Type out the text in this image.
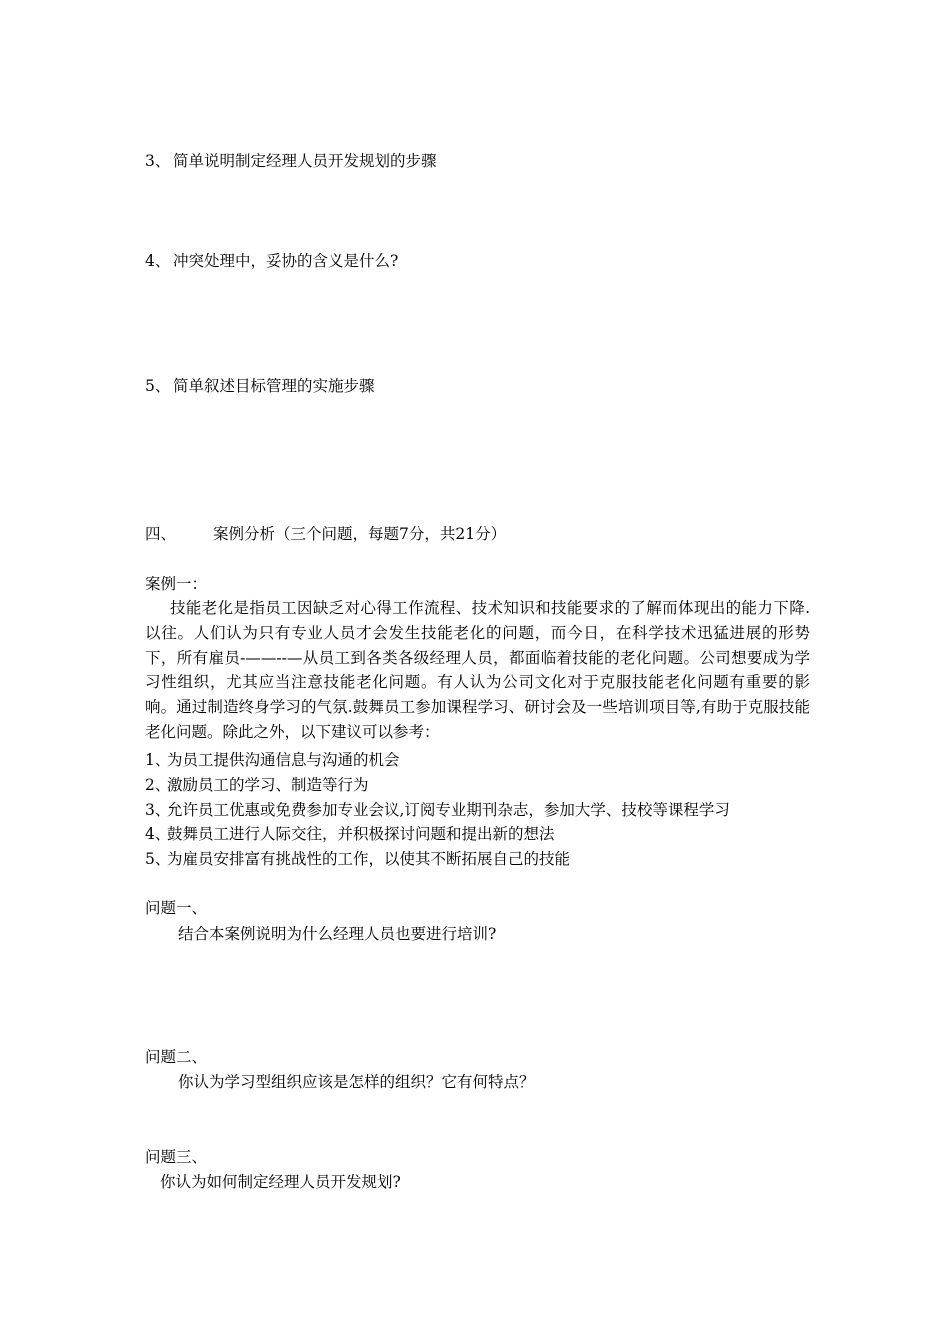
3、 简单说明制定经理人员开发规划的步骤
4、 冲突处理中，妥协的含义是什么?
5、 简单叙述目标管理的实施步骤
四、 案例分析（三个问题，每题7分，共21分）
案例一：
技能老化是指员工因缺乏对心得工作流程、技术知识和技能要求的了解而体现出的能力下降.以往。人们认为只有专业人员才会发生技能老化的问题，而今日，在科学技术迅猛进展的形势下，所有雇员-——--—从员工到各类各级经理人员，都面临着技能的老化问题。公司想要成为学习性组织，尤其应当注意技能老化问题。有人认为公司文化对于克服技能老化问题有重要的影响。通过制造终身学习的气氛.鼓舞员工参加课程学习、研讨会及一些培训项目等,有助于克服技能老化问题。除此之外，以下建议可以参考：
1、为员工提供沟通信息与沟通的机会
2、激励员工的学习、制造等行为
3、允许员工优惠或免费参加专业会议,订阅专业期刊杂志，参加大学、技校等课程学习
4、鼓舞员工进行人际交往，并积极探讨问题和提出新的想法
5、为雇员安排富有挑战性的工作，以使其不断拓展自己的技能
问题一、
结合本案例说明为什么经理人员也要进行培训?
问题二、
你认为学习型组织应该是怎样的组织？它有何特点？
问题三、
你认为如何制定经理人员开发规划?
